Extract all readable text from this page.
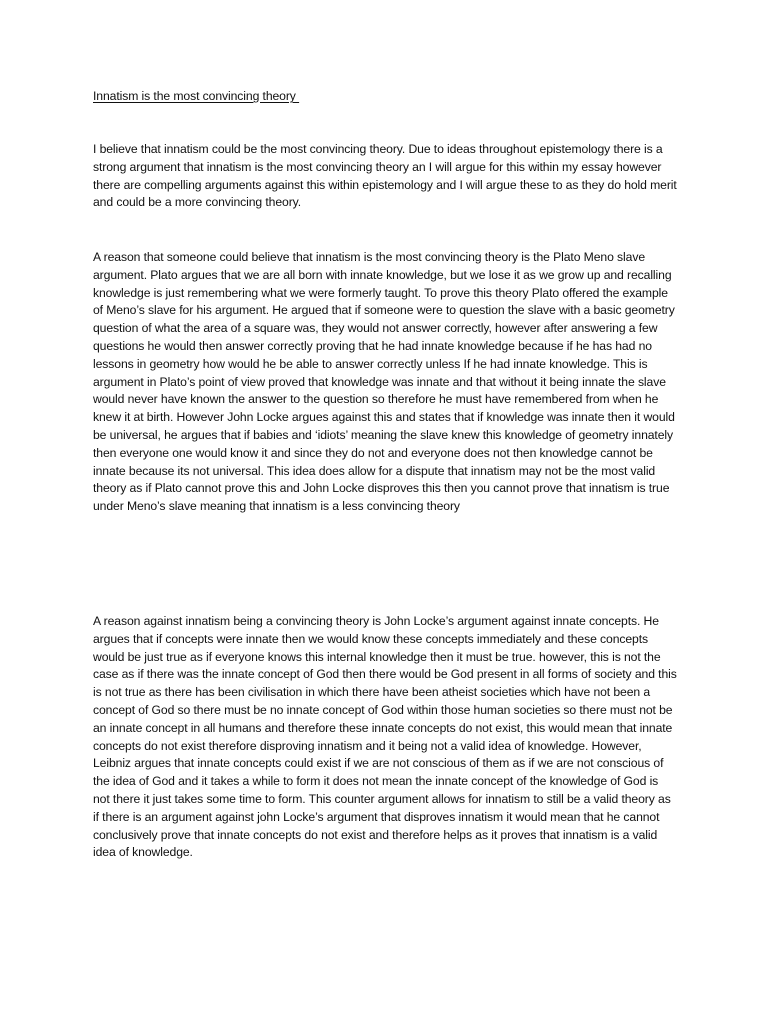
Innatism is the most convincing theory

I believe that innatism could be the most convincing theory. Due to ideas throughout epistemology there is a strong argument that innatism is the most convincing theory an I will argue for this within my essay however there are compelling arguments against this within epistemology and I will argue these to as they do hold merit and could be a more convincing theory.

A reason that someone could believe that innatism is the most convincing theory is the Plato Meno slave argument. Plato argues that we are all born with innate knowledge, but we lose it as we grow up and recalling knowledge is just remembering what we were formerly taught. To prove this theory Plato offered the example of Meno’s slave for his argument. He argued that if someone were to question the slave with a basic geometry question of what the area of a square was, they would not answer correctly, however after answering a few questions he would then answer correctly proving that he had innate knowledge because if he has had no lessons in geometry how would he be able to answer correctly unless If he had innate knowledge. This is argument in Plato’s point of view proved that knowledge was innate and that without it being innate the slave would never have known the answer to the question so therefore he must have remembered from when he knew it at birth. However John Locke argues against this and states that if knowledge was innate then it would be universal, he argues that if babies and ‘idiots’ meaning the slave knew this knowledge of geometry innately then everyone one would know it and since they do not and everyone does not then knowledge cannot be innate because its not universal. This idea does allow for a dispute that innatism may not be the most valid theory as if Plato cannot prove this and John Locke disproves this then you cannot prove that innatism is true under Meno’s slave meaning that innatism is a less convincing theory

A reason against innatism being a convincing theory is John Locke’s argument against innate concepts. He argues that if concepts were innate then we would know these concepts immediately and these concepts would be just true as if everyone knows this internal knowledge then it must be true. however, this is not the case as if there was the innate concept of God then there would be God present in all forms of society and this is not true as there has been civilisation in which there have been atheist societies which have not been a concept of God so there must be no innate concept of God within those human societies so there must not be an innate concept in all humans and therefore these innate concepts do not exist, this would mean that innate concepts do not exist therefore disproving innatism and it being not a valid idea of knowledge. However, Leibniz argues that innate concepts could exist if we are not conscious of them as if we are not conscious of the idea of God and it takes a while to form it does not mean the innate concept of the knowledge of God is not there it just takes some time to form. This counter argument allows for innatism to still be a valid theory as if there is an argument against john Locke’s argument that disproves innatism it would mean that he cannot conclusively prove that innate concepts do not exist and therefore helps as it proves that innatism is a valid idea of knowledge.
